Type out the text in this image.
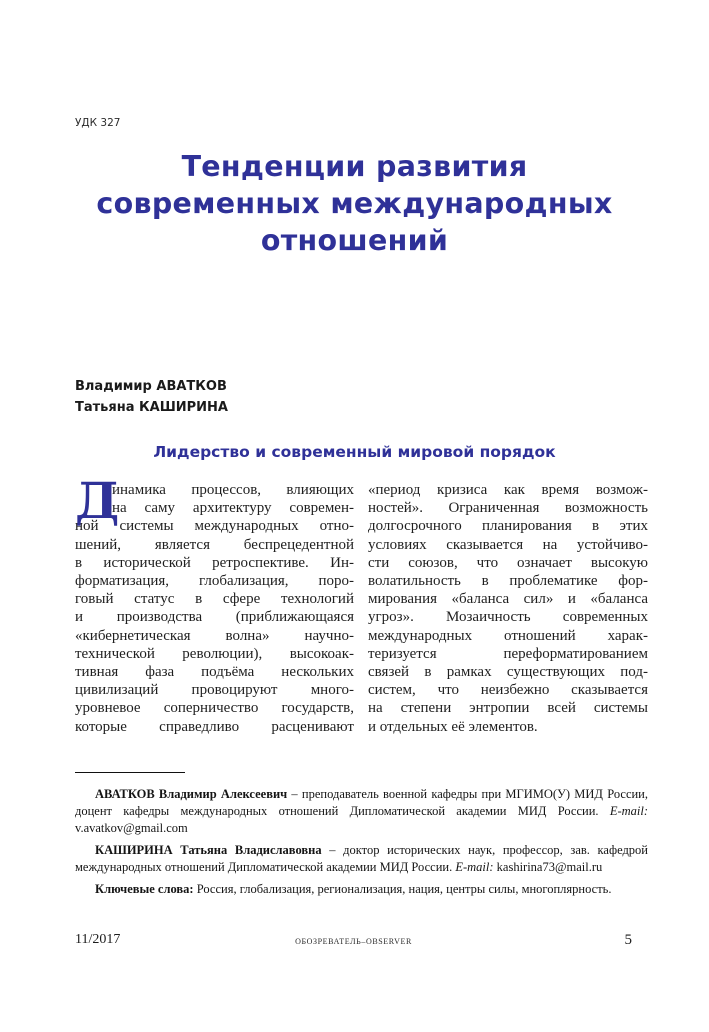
УДК 327
Тенденции развития
современных международных
отношений
Владимир АВАТКОВ
Татьяна КАШИРИНА
Лидерство и современный мировой порядок
Д
инамика процессов, влияющих
на саму архитектуру современ-
ной системы международных отно-
шений, является беспрецедентной
в исторической ретроспективе. Ин-
форматизация, глобализация, поро-
говый статус в сфере технологий
и производства (приближающаяся
«кибернетическая волна» научно-
технической революции), высокоак-
тивная фаза подъёма нескольких
цивилизаций провоцируют много-
уровневое соперничество государств,
которые справедливо расценивают
«период кризиса как время возмож-
ностей». Ограниченная возможность
долгосрочного планирования в этих
условиях сказывается на устойчиво-
сти союзов, что означает высокую
волатильность в проблематике фор-
мирования «баланса сил» и «баланса
угроз». Мозаичность современных
международных отношений харак-
теризуется переформатированием
связей в рамках существующих под-
систем, что неизбежно сказывается
на степени энтропии всей системы
и отдельных её элементов.

АВАТКОВ Владимир Алексеевич – преподаватель военной кафедры при МГИМО(У) МИД России, доцент кафедры международных отношений Дипломатической академии МИД России. E-mail: v.avatkov@gmail.com

КАШИРИНА Татьяна Владиславовна – доктор исторических наук, профессор, зав. кафедрой международных отношений Дипломатической академии МИД России. E-mail: kashirina73@mail.ru

Ключевые слова: Россия, глобализация, регионализация, нация, центры силы, многоплярность.

11/2017	ОБОЗРЕВАТЕЛЬ–OBSERVER	5
